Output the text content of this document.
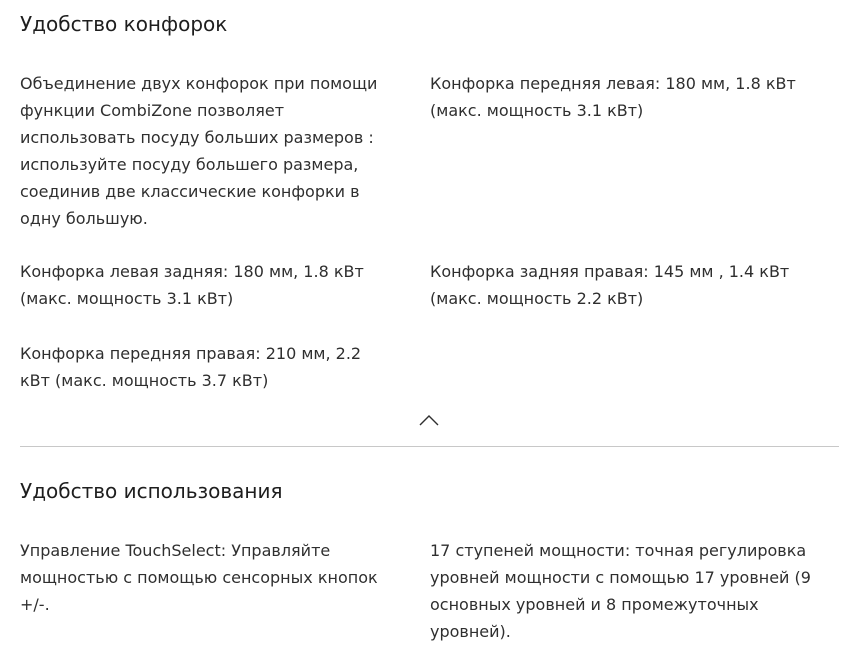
Удобство конфорок

Объединение двух конфорок при помощи функции CombiZone позволяет использовать посуду больших размеров : используйте посуду большего размера, соединив две классические конфорки в одну большую.

Конфорка передняя левая: 180 мм, 1.8 кВт (макс. мощность 3.1 кВт)

Конфорка левая задняя: 180 мм, 1.8 кВт (макс. мощность 3.1 кВт)

Конфорка задняя правая: 145 мм , 1.4 кВт (макс. мощность 2.2 кВт)

Конфорка передняя правая: 210 мм, 2.2 кВт (макс. мощность 3.7 кВт)

Удобство использования

Управление TouchSelect: Управляйте мощностью с помощью сенсорных кнопок +/-.

17 ступеней мощности: точная регулировка уровней мощности с помощью 17 уровней (9 основных уровней и 8 промежуточных уровней).
